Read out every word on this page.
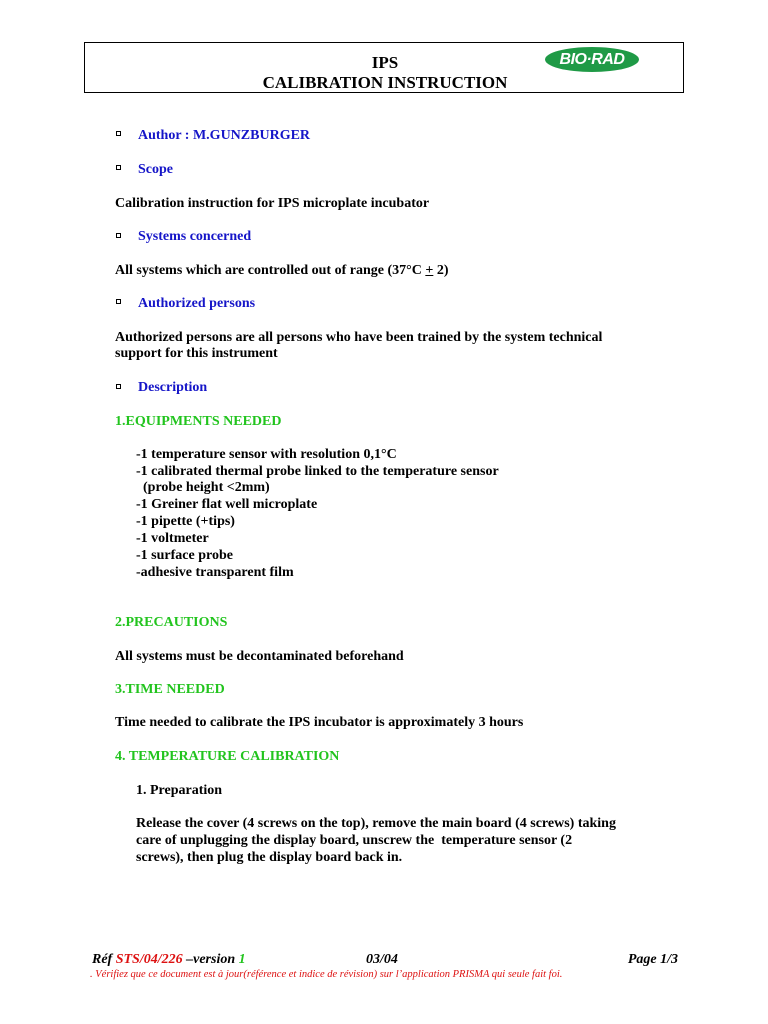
IPS
CALIBRATION INSTRUCTION
BIO·RAD
Author : M.GUNZBURGER
Scope
Calibration instruction for IPS microplate incubator
Systems concerned
All systems which are controlled out of range (37°C + 2)
Authorized persons
Authorized persons are all persons who have been trained by the system technical
support for this instrument
Description
1.EQUIPMENTS NEEDED
-1 temperature sensor with resolution 0,1°C
-1 calibrated thermal probe linked to the temperature sensor
(probe height <2mm)
-1 Greiner flat well microplate
-1 pipette (+tips)
-1 voltmeter
-1 surface probe
-adhesive transparent film
2.PRECAUTIONS
All systems must be decontaminated beforehand
3.TIME NEEDED
Time needed to calibrate the IPS incubator is approximately 3 hours
4. TEMPERATURE CALIBRATION
1. Preparation
Release the cover (4 screws on the top), remove the main board (4 screws) taking
care of unplugging the display board, unscrew the  temperature sensor (2
screws), then plug the display board back in.
Réf STS/04/226 –version 1	03/04	Page 1/3
. Vérifiez que ce document est à jour(référence et indice de révision) sur l’application PRISMA qui seule fait foi.
